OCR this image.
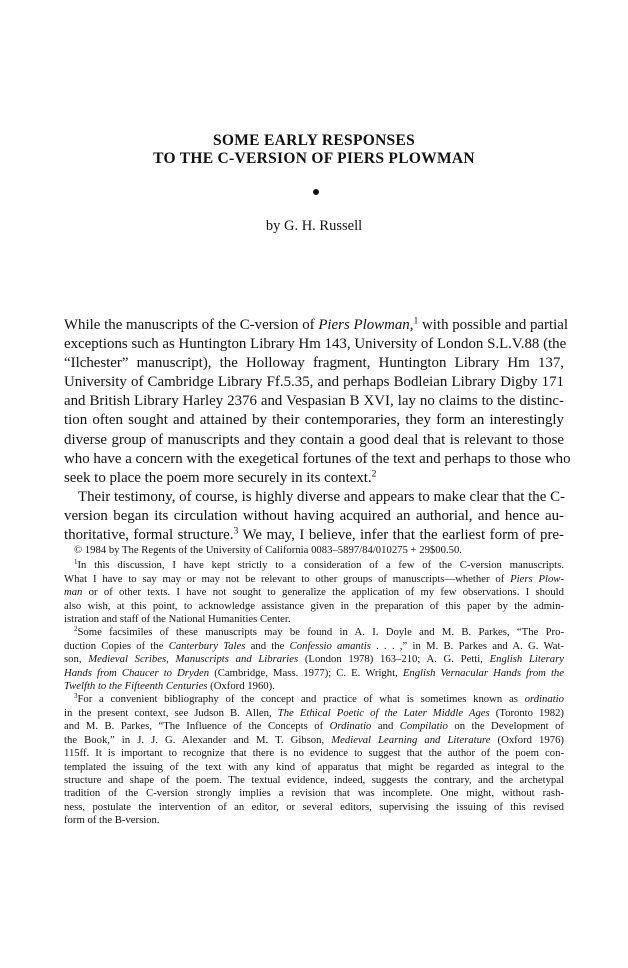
SOME EARLY RESPONSES
TO THE C-VERSION OF PIERS PLOWMAN
by G. H. Russell
While the manuscripts of the C-version of Piers Plowman,$^1$ with possible and partial
exceptions such as Huntington Library Hm 143, University of London S.L.V.88 (the
“Ilchester” manuscript), the Holloway fragment, Huntington Library Hm 137,
University of Cambridge Library Ff.5.35, and perhaps Bodleian Library Digby 171
and British Library Harley 2376 and Vespasian B XVI, lay no claims to the distinc-
tion often sought and attained by their contemporaries, they form an interestingly
diverse group of manuscripts and they contain a good deal that is relevant to those
who have a concern with the exegetical fortunes of the text and perhaps to those who
seek to place the poem more securely in its context.$^2$
Their testimony, of course, is highly diverse and appears to make clear that the C-
version began its circulation without having acquired an authorial, and hence au-
thoritative, formal structure.$^3$ We may, I believe, infer that the earliest form of pre-
© 1984 by The Regents of the University of California 0083–5897/84/010275 + 29$00.50.
$^1$In this discussion, I have kept strictly to a consideration of a few of the C-version manuscripts.
What I have to say may or may not be relevant to other groups of manuscripts—whether of Piers Plow-
man or of other texts. I have not sought to generalize the application of my few observations. I should
also wish, at this point, to acknowledge assistance given in the preparation of this paper by the admin-
istration and staff of the National Humanities Center.
$^2$Some facsimiles of these manuscripts may be found in A. I. Doyle and M. B. Parkes, “The Pro-
duction Copies of the Canterbury Tales and the Confessio amantis . . . ,” in M. B. Parkes and A. G. Wat-
son, Medieval Scribes, Manuscripts and Libraries (London 1978) 163–210; A. G. Petti, English Literary
Hands from Chaucer to Dryden (Cambridge, Mass. 1977); C. E. Wright, English Vernacular Hands from the
Twelfth to the Fifteenth Centuries (Oxford 1960).
$^3$For a convenient bibliography of the concept and practice of what is sometimes known as ordinatio
in the present context, see Judson B. Allen, The Ethical Poetic of the Later Middle Ages (Toronto 1982)
and M. B. Parkes, “The Influence of the Concepts of Ordinatio and Compilatio on the Development of
the Book,” in J. J. G. Alexander and M. T. Gibson, Medieval Learning and Literature (Oxford 1976)
115ff. It is important to recognize that there is no evidence to suggest that the author of the poem con-
templated the issuing of the text with any kind of apparatus that might be regarded as integral to the
structure and shape of the poem. The textual evidence, indeed, suggests the contrary, and the archetypal
tradition of the C-version strongly implies a revision that was incomplete. One might, without rash-
ness, postulate the intervention of an editor, or several editors, supervising the issuing of this revised
form of the B-version.
